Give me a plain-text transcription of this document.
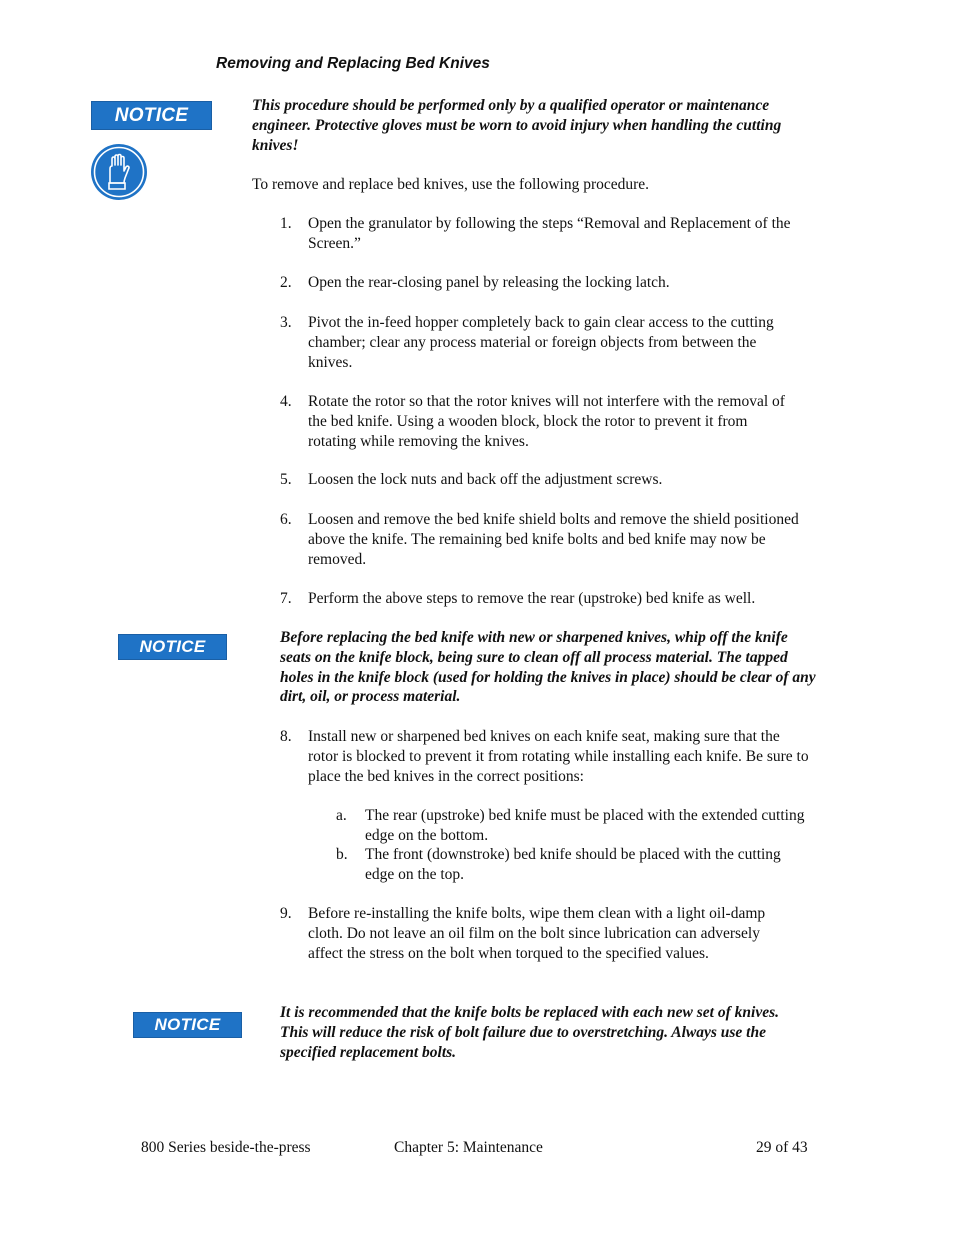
Removing and Replacing Bed Knives
NOTICE	This procedure should be performed only by a qualified operator or maintenance engineer. Protective gloves must be worn to avoid injury when handling the cutting knives!
To remove and replace bed knives, use the following procedure.
1.	Open the granulator by following the steps “Removal and Replacement of the Screen.”
2.	Open the rear-closing panel by releasing the locking latch.
3.	Pivot the in-feed hopper completely back to gain clear access to the cutting chamber; clear any process material or foreign objects from between the knives.
4.	Rotate the rotor so that the rotor knives will not interfere with the removal of the bed knife. Using a wooden block, block the rotor to prevent it from rotating while removing the knives.
5.	Loosen the lock nuts and back off the adjustment screws.
6.	Loosen and remove the bed knife shield bolts and remove the shield positioned above the knife. The remaining bed knife bolts and bed knife may now be removed.
7.	Perform the above steps to remove the rear (upstroke) bed knife as well.
NOTICE	Before replacing the bed knife with new or sharpened knives, whip off the knife seats on the knife block, being sure to clean off all process material. The tapped holes in the knife block (used for holding the knives in place) should be clear of any dirt, oil, or process material.
8.	Install new or sharpened bed knives on each knife seat, making sure that the rotor is blocked to prevent it from rotating while installing each knife. Be sure to place the bed knives in the correct positions:
a.	The rear (upstroke) bed knife must be placed with the extended cutting edge on the bottom.
b.	The front (downstroke) bed knife should be placed with the cutting edge on the top.
9.	Before re-installing the knife bolts, wipe them clean with a light oil-damp cloth. Do not leave an oil film on the bolt since lubrication can adversely affect the stress on the bolt when torqued to the specified values.
NOTICE
It is recommended that the knife bolts be replaced with each new set of knives. This will reduce the risk of bolt failure due to overstretching. Always use the specified replacement bolts.
800 Series beside-the-press	Chapter 5: Maintenance	29 of 43
